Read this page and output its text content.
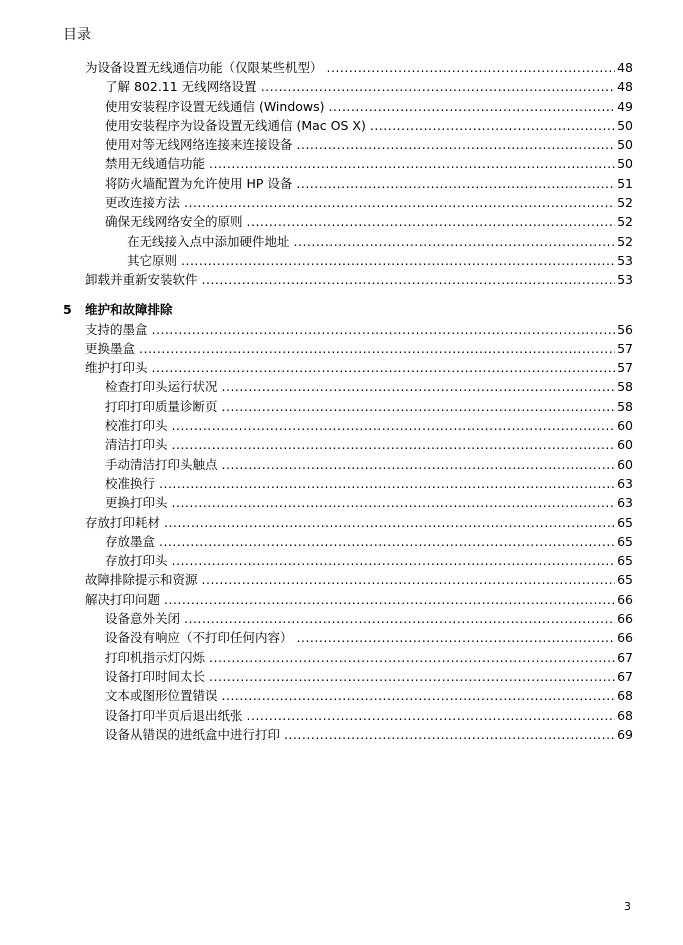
目录
为设备设置无线通信功能（仅限某些机型） .....	48
了解 802.11 无线网络设置 .....	48
使用安装程序设置无线通信 (Windows) .....	49
使用安装程序为设备设置无线通信 (Mac OS X) .....	50
使用对等无线网络连接来连接设备 .....	50
禁用无线通信功能 .....	50
将防火墙配置为允许使用 HP 设备 .....	51
更改连接方法 .....	52
确保无线网络安全的原则 .....	52
在无线接入点中添加硬件地址 .....	52
其它原则 .....	53
卸载并重新安装软件 .....	53
5	维护和故障排除
支持的墨盒 .....	56
更换墨盒 .....	57
维护打印头 .....	57
检查打印头运行状况 .....	58
打印打印质量诊断页 .....	58
校准打印头 .....	60
清洁打印头 .....	60
手动清洁打印头触点 .....	60
校准换行 .....	63
更换打印头 .....	63
存放打印耗材 .....	65
存放墨盒 .....	65
存放打印头 .....	65
故障排除提示和资源 .....	65
解决打印问题 .....	66
设备意外关闭 .....	66
设备没有响应（不打印任何内容） .....	66
打印机指示灯闪烁 .....	67
设备打印时间太长 .....	67
文本或图形位置错误 .....	68
设备打印半页后退出纸张 .....	68
设备从错误的进纸盒中进行打印 .....	69
3
